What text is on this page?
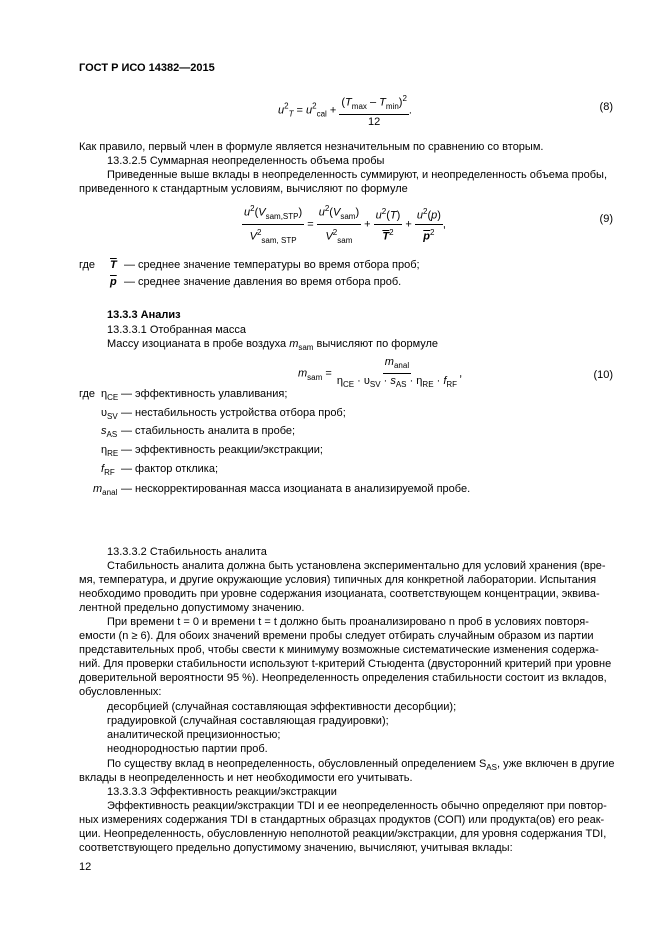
ГОСТ Р ИСО 14382—2015
$u^2_T = u^2_{cal} + \frac{(T_{max} - T_{min})^2}{12}$ .	(8)
Как правило, первый член в формуле является незначительным по сравнению со вторым.
13.3.2.5 Суммарная неопределенность объема пробы
Приведенные выше вклады в неопределенность суммируют, и неопределенность объема пробы,
приведенного к стандартным условиям, вычисляют по формуле
$\frac{u^2(V_{sam,STP})}{V^2_{sam, STP}} = \frac{u^2(V_{sam})}{V^2_{sam}} + \frac{u^2(T)}{\overline{T}^2} + \frac{u^2(p)}{\overline{p}^2}$ ,	(9)
где $\overline{T}$ — среднее значение температуры во время отбора проб;
$\overline{p}$ — среднее значение давления во время отбора проб.
13.3.3 Анализ
13.3.3.1 Отобранная масса
Массу изоцианата в пробе воздуха $m_{sam}$ вычисляют по формуле
$m_{sam} = \frac{m_{anal}}{\eta_{CE} \cdot \upsilon_{SV} \cdot s_{AS} \cdot \eta_{RE} \cdot f_{RF}}$ ,	(10)
где $\eta_{CE}$ — эффективность улавливания;
$\upsilon_{SV}$ — нестабильность устройства отбора проб;
$s_{AS}$ — стабильность аналита в пробе;
$\eta_{RE}$ — эффективность реакции/экстракции;
$f_{RF}$ — фактор отклика;
$m_{anal}$ — нескорректированная масса изоцианата в анализируемой пробе.
13.3.3.2 Стабильность аналита
Стабильность аналита должна быть установлена экспериментально для условий хранения (вре-
мя, температура, и другие окружающие условия) типичных для конкретной лаборатории. Испытания
необходимо проводить при уровне содержания изоцианата, соответствующем концентрации, эквива-
лентной предельно допустимому значению.
При времени t = 0 и времени t = t должно быть проанализировано n проб в условиях повторя-
емости (n ≥ 6). Для обоих значений времени пробы следует отбирать случайным образом из партии
представительных проб, чтобы свести к минимуму возможные систематические изменения содержа-
ний. Для проверки стабильности используют t-критерий Стьюдента (двусторонний критерий при уровне
доверительной вероятности 95 %). Неопределенность определения стабильности состоит из вкладов,
обусловленных:
десорбцией (случайная составляющая эффективности десорбции);
градуировкой (случайная составляющая градуировки);
аналитической прецизионностью;
неоднородностью партии проб.
По существу вклад в неопределенность, обусловленный определением $S_{AS}$, уже включен в другие
вклады в неопределенность и нет необходимости его учитывать.
13.3.3.3 Эффективность реакции/экстракции
Эффективность реакции/экстракции TDI и ее неопределенность обычно определяют при повтор-
ных измерениях содержания TDI в стандартных образцах продуктов (СОП) или продукта(ов) его реак-
ции. Неопределенность, обусловленную неполнотой реакции/экстракции, для уровня содержания TDI,
соответствующего предельно допустимому значению, вычисляют, учитывая вклады:
12
